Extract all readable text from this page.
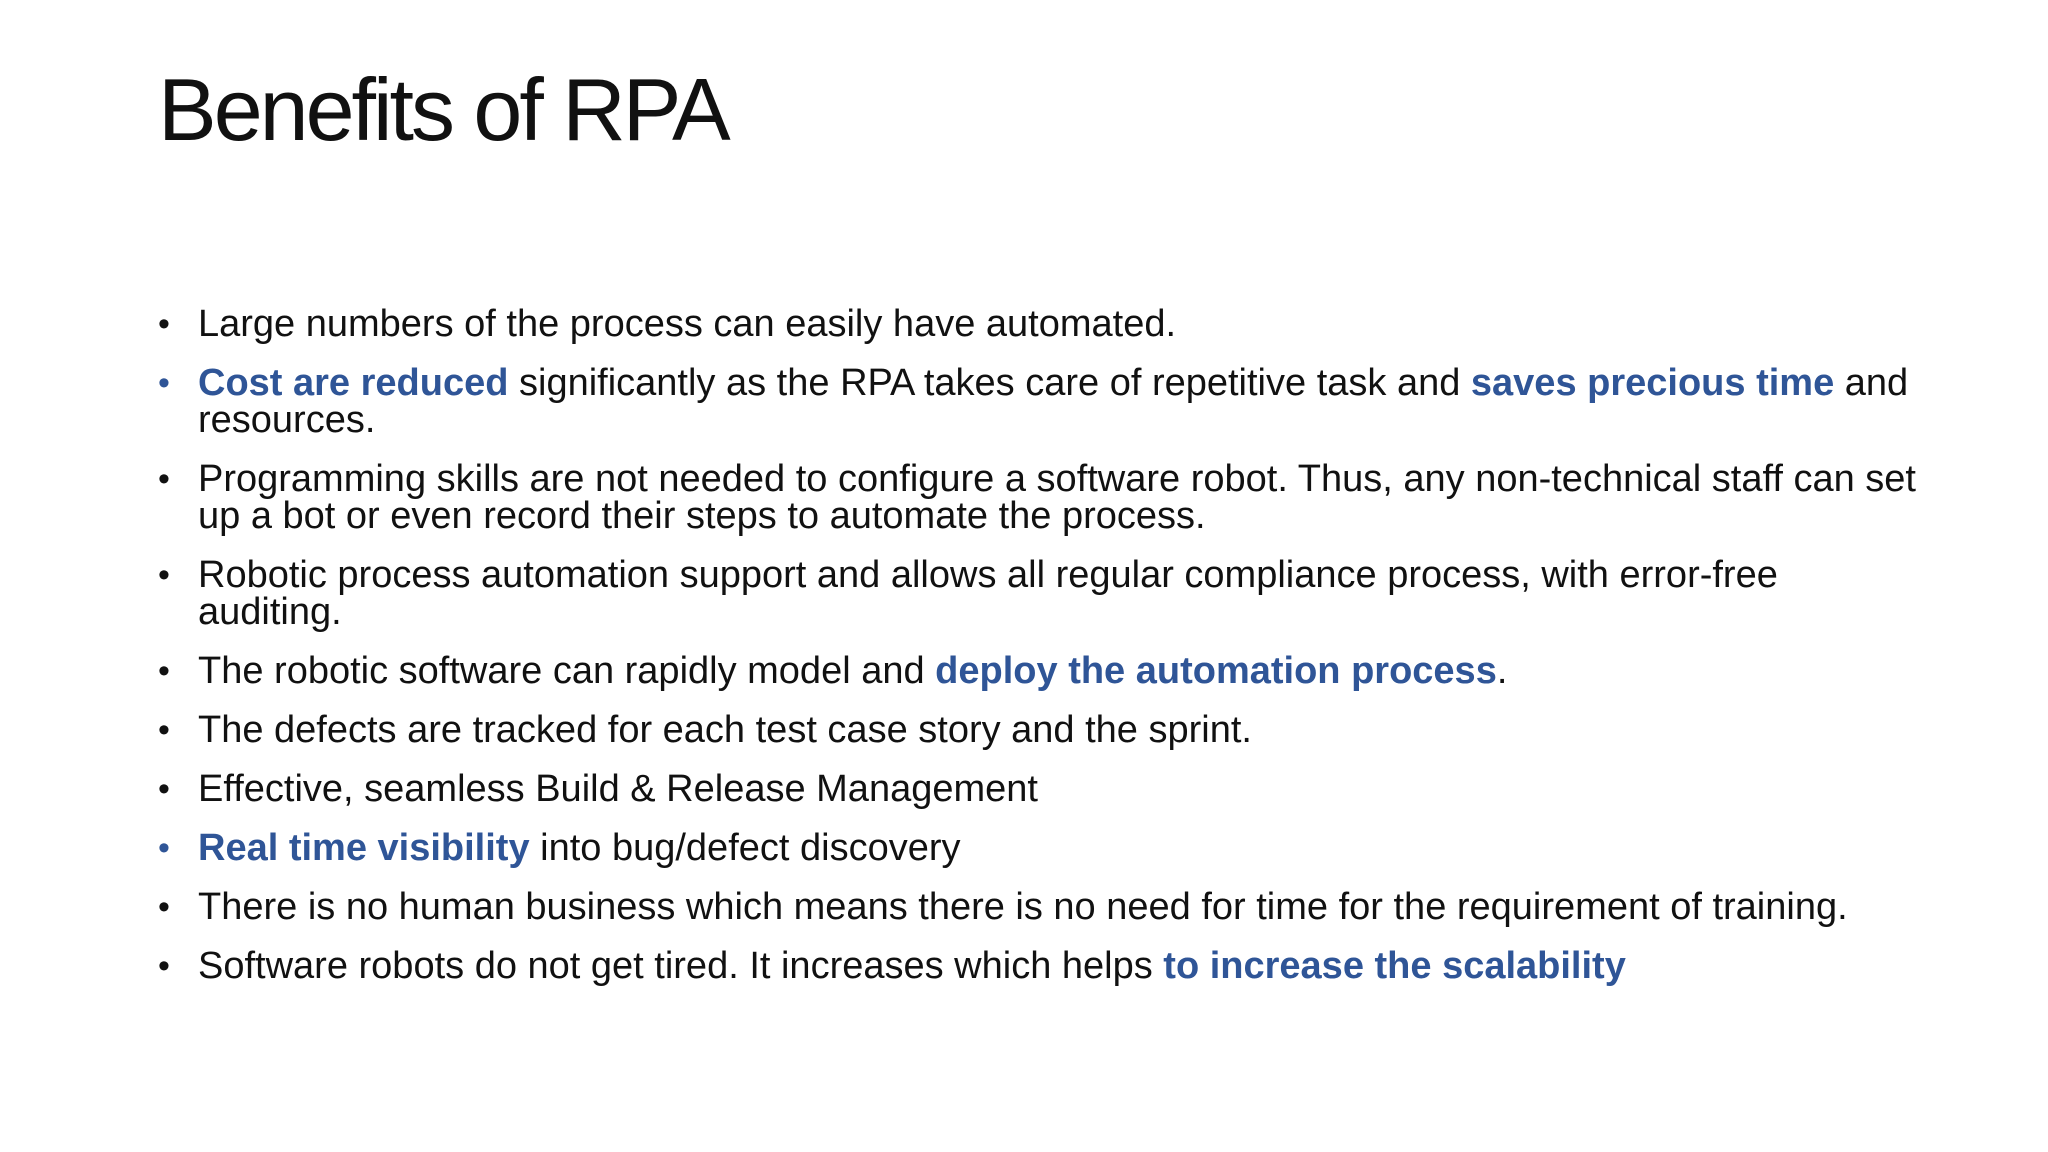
Benefits of RPA
• Large numbers of the process can easily have automated.
• Cost are reduced significantly as the RPA takes care of repetitive task and saves precious time and resources.
• Programming skills are not needed to configure a software robot. Thus, any non-technical staff can set up a bot or even record their steps to automate the process.
• Robotic process automation support and allows all regular compliance process, with error-free auditing.
• The robotic software can rapidly model and deploy the automation process.
• The defects are tracked for each test case story and the sprint.
• Effective, seamless Build & Release Management
• Real time visibility into bug/defect discovery
• There is no human business which means there is no need for time for the requirement of training.
• Software robots do not get tired. It increases which helps to increase the scalability
